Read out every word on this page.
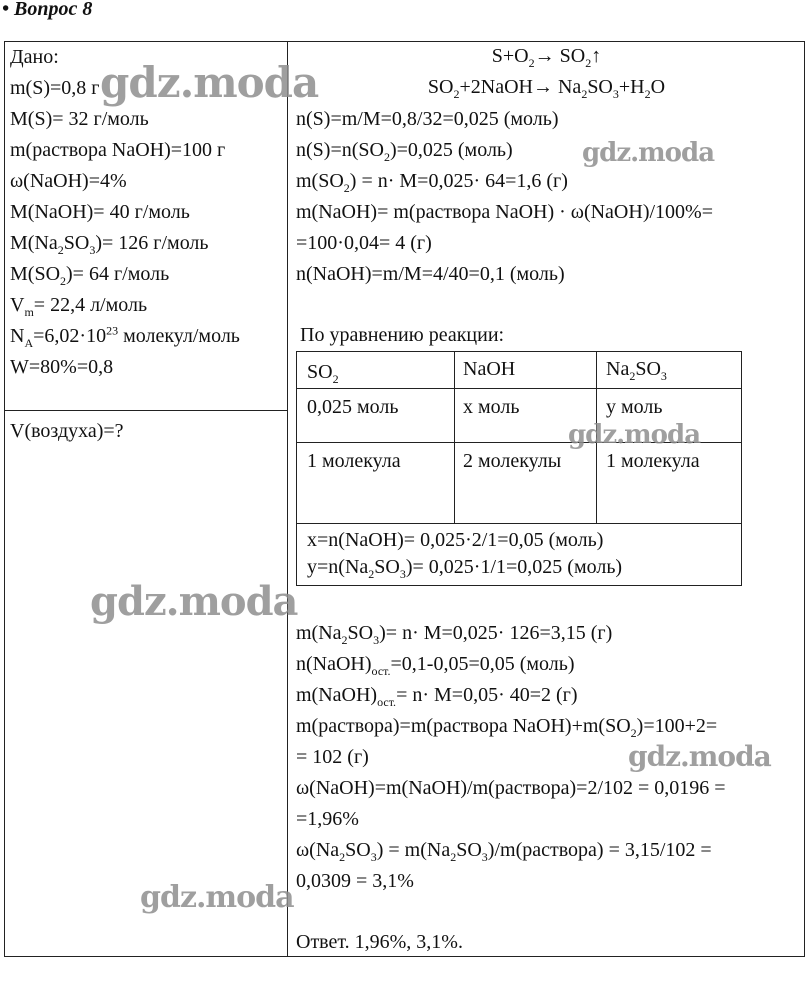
• Вопрос 8
Дано:
m(S)=0,8 г
M(S)= 32 г/моль
m(раствора NaOH)=100 г
ω(NaOH)=4%
M(NaOH)= 40 г/моль
$M(Na_2SO_3)= 126$ г/моль
$M(SO_2)= 64$ г/моль
$V_m= 22,4$ л/моль
$N_A=6,02\cdot 10^{23}$ молекул/моль
W=80%=0,8
V(воздуха)=?
$S+O_2\to$ $SO_2↑$
$SO_2+2NaOH\to Na_2SO_3+H_2O$
n(S)=m/M=0,8/32=0,025 (моль)
$n(S)=n(SO_2)=0,025$ (моль)
$m(SO_2) = n\cdot M=0,025\cdot 64=1,6$ (г)
m(NaOH)= m(раствора NaOH) · ω(NaOH)/100%=
=100·0,04= 4 (г)
n(NaOH)=m/M=4/40=0,1 (моль)
По уравнению реакции:
$SO_2$	NaOH	$Na_2SO_3$
0,025 моль	x моль	y моль
1 молекула	2 молекулы 1 молекула
x=n(NaOH)= 0,025·2/1=0,05 (моль)
$y=n(Na_2SO_3)= 0,025\cdot 1/1=0,025$ (моль)
$m(Na_2SO_3)= n\cdot M=0,025\cdot 126=3,15$ (г)
$n(NaOH)_{ост.}=0,1-0,05=0,05$ (моль)
$m(NaOH)_{ост.}= n\cdot M=0,05\cdot 40=2$ (г)
m(раствора)=m(раствора $NaOH)+m(SO_2)=100+2=$
= 102 (г)
ω(NaOH)=m(NaOH)/m(раствора)=2/102 = 0,0196 =
=1,96%
$\omega(Na_2SO_3)$ = $m(Na_2SO_3)/m(раствора) = 3,15/102$ =
0,0309 = 3,1%
Ответ. 1,96%, 3,1%.
gdz.moda
gdz.moda
gdz.moda
gdz.moda
gdz.moda
gdz.moda
